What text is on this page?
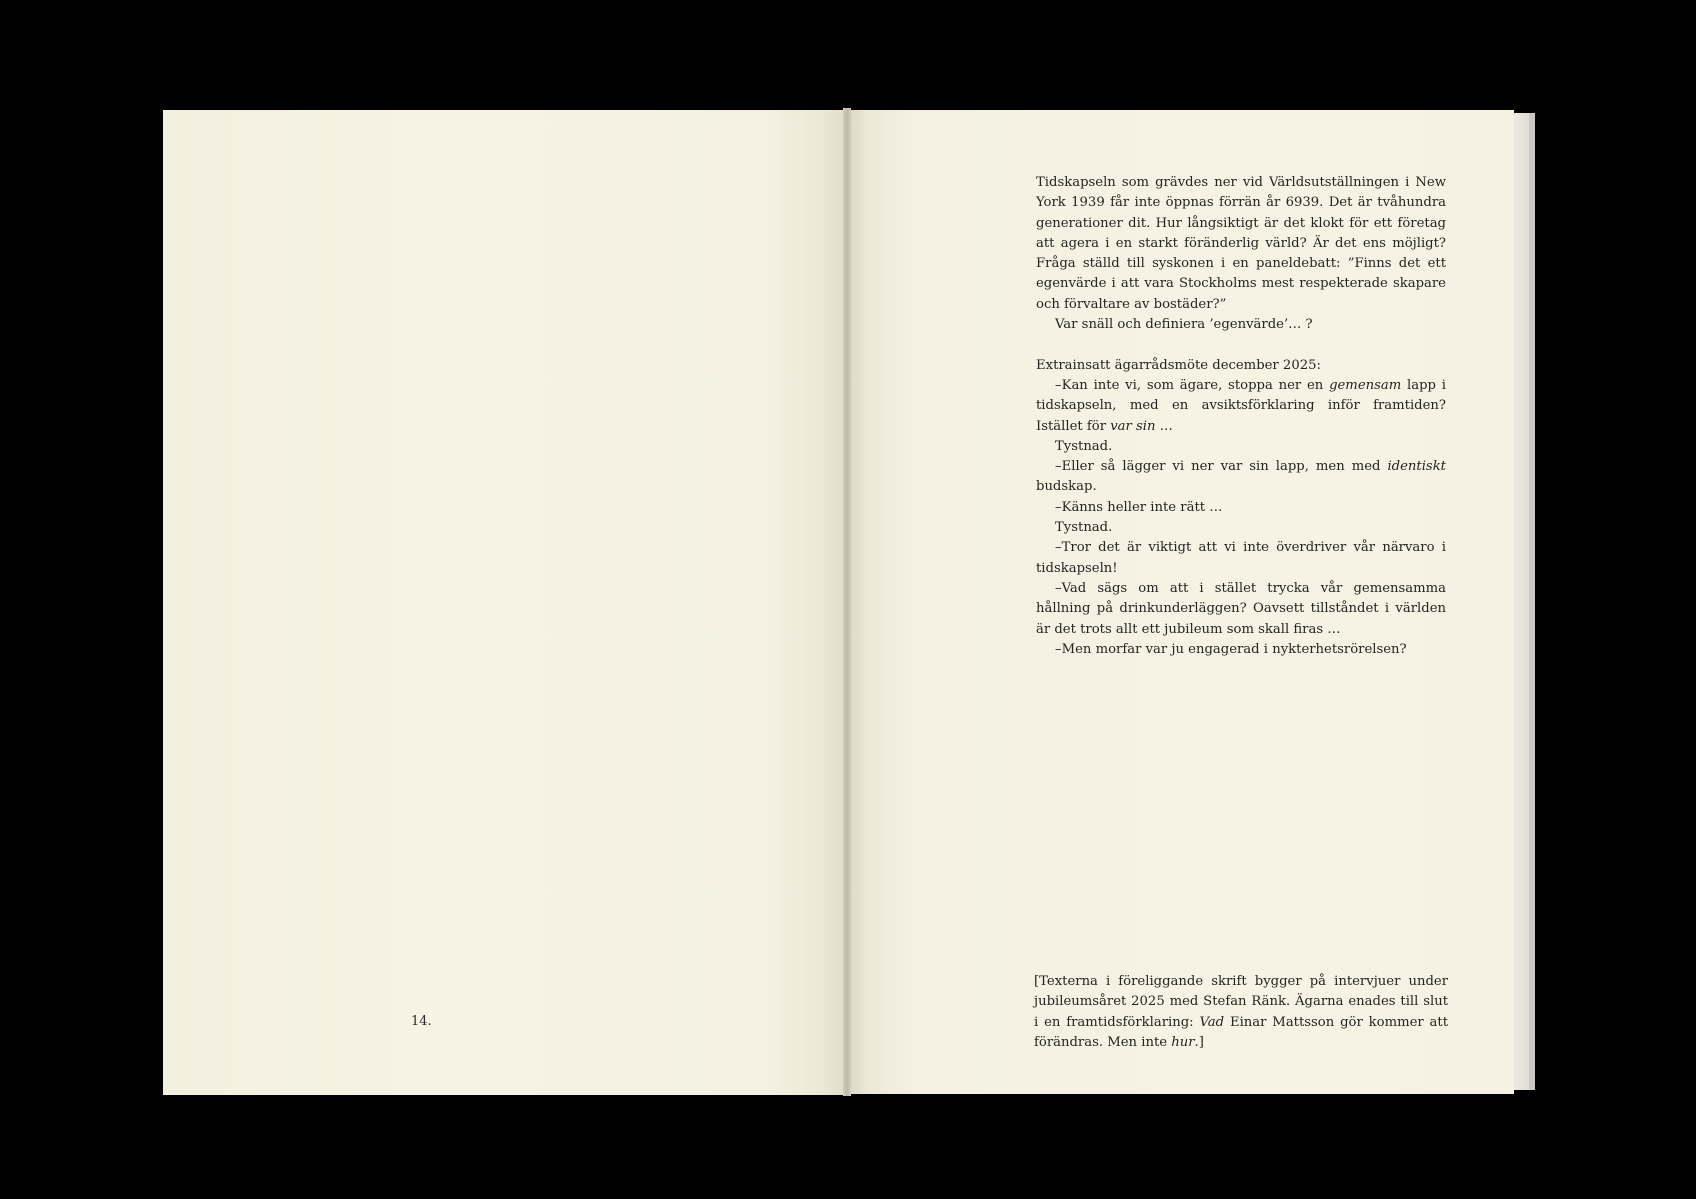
14.

Tidskapseln som grävdes ner vid Världsutställningen i New York 1939 får inte öppnas förrän år 6939. Det är tvåhundra generationer dit. Hur långsiktigt är det klokt för ett företag att agera i en starkt föränderlig värld? Är det ens möjligt? Fråga ställd till syskonen i en paneldebatt: ”Finns det ett egenvärde i att vara Stockholms mest respekterade skapare och förvaltare av bostäder?”

Var snäll och definiera ’egenvärde’… ?

Extrainsatt ägarrådsmöte december 2025:

–Kan inte vi, som ägare, stoppa ner en gemensam lapp i tidskapseln, med en avsiktsförklaring inför framtiden? Istället för var sin …

Tystnad.

–Eller så lägger vi ner var sin lapp, men med identiskt budskap.

–Känns heller inte rätt …

Tystnad.

–Tror det är viktigt att vi inte överdriver vår närvaro i tidskapseln!

–Vad sägs om att i stället trycka vår gemensamma hållning på drinkunderläggen? Oavsett tillståndet i världen är det trots allt ett jubileum som skall firas …

–Men morfar var ju engagerad i nykterhetsrörelsen?

[Texterna i föreliggande skrift bygger på intervjuer under jubileumsåret 2025 med Stefan Ränk. Ägarna enades till slut i en framtidsförklaring: Vad Einar Mattsson gör kommer att förändras. Men inte hur.]
